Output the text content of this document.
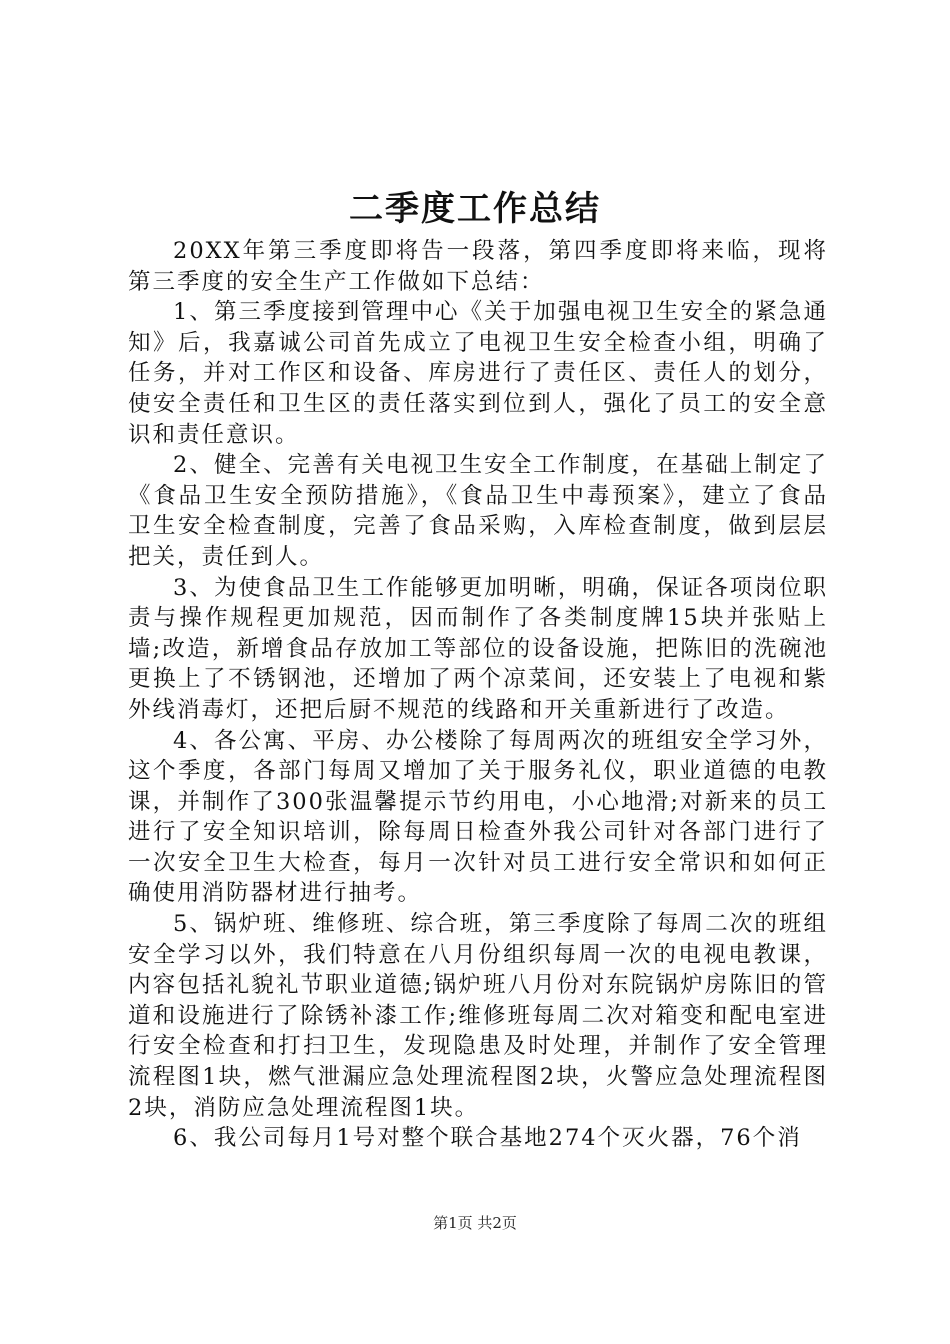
二季度工作总结

20XX年第三季度即将告一段落，第四季度即将来临，现将第三季度的安全生产工作做如下总结：

1、第三季度接到管理中心《关于加强电视卫生安全的紧急通知》后，我嘉诚公司首先成立了电视卫生安全检查小组，明确了任务，并对工作区和设备、库房进行了责任区、责任人的划分，使安全责任和卫生区的责任落实到位到人，强化了员工的安全意识和责任意识。

2、健全、完善有关电视卫生安全工作制度，在基础上制定了《食品卫生安全预防措施》，《食品卫生中毒预案》，建立了食品卫生安全检查制度，完善了食品采购，入库检查制度，做到层层把关，责任到人。

3、为使食品卫生工作能够更加明晰，明确，保证各项岗位职责与操作规程更加规范，因而制作了各类制度牌15块并张贴上墙;改造，新增食品存放加工等部位的设备设施，把陈旧的洗碗池更换上了不锈钢池，还增加了两个凉菜间，还安装上了电视和紫外线消毒灯，还把后厨不规范的线路和开关重新进行了改造。

4、各公寓、平房、办公楼除了每周两次的班组安全学习外，这个季度，各部门每周又增加了关于服务礼仪，职业道德的电教课，并制作了300张温馨提示节约用电，小心地滑;对新来的员工进行了安全知识培训，除每周日检查外我公司针对各部门进行了一次安全卫生大检查，每月一次针对员工进行安全常识和如何正确使用消防器材进行抽考。

5、锅炉班、维修班、综合班，第三季度除了每周二次的班组安全学习以外，我们特意在八月份组织每周一次的电视电教课，内容包括礼貌礼节职业道德;锅炉班八月份对东院锅炉房陈旧的管道和设施进行了除锈补漆工作;维修班每周二次对箱变和配电室进行安全检查和打扫卫生，发现隐患及时处理，并制作了安全管理流程图1块，燃气泄漏应急处理流程图2块，火警应急处理流程图2块，消防应急处理流程图1块。

6、我公司每月1号对整个联合基地274个灭火器，76个消

第1页 共2页
